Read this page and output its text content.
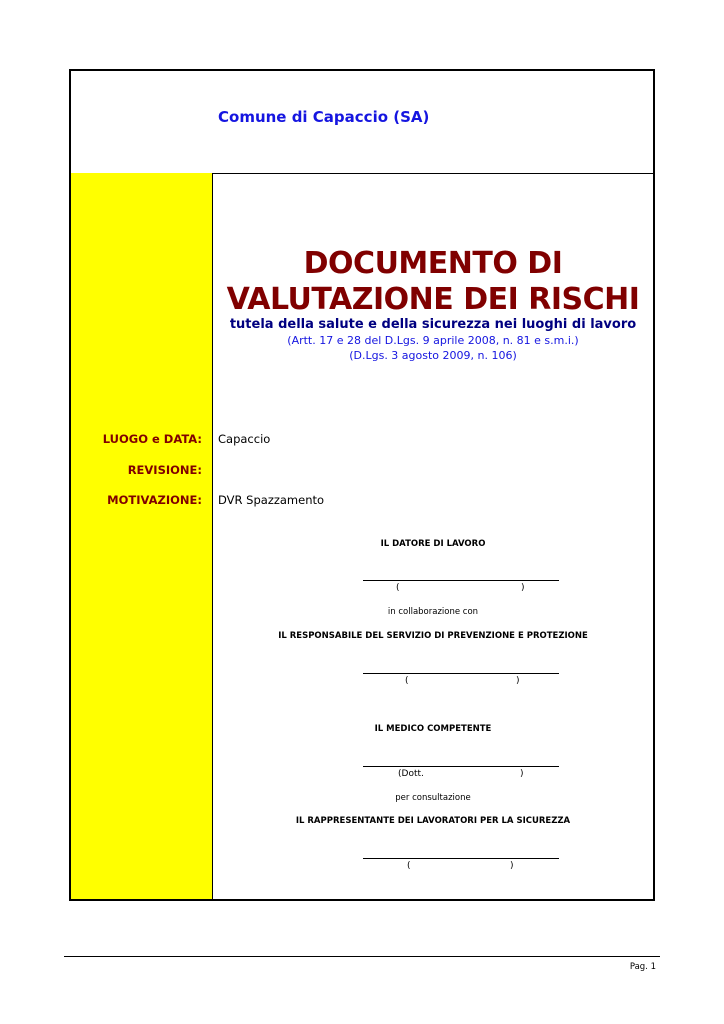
Comune di Capaccio (SA)
DOCUMENTO DI
VALUTAZIONE DEI RISCHI
tutela della salute e della sicurezza nei luoghi di lavoro
(Artt. 17 e 28 del D.Lgs. 9 aprile 2008, n. 81 e s.m.i.)
(D.Lgs. 3 agosto 2009, n. 106)
LUOGO e DATA: Capaccio
REVISIONE:
MOTIVAZIONE: DVR Spazzamento
IL DATORE DI LAVORO
(	)
in collaborazione con
IL RESPONSABILE DEL SERVIZIO DI PREVENZIONE E PROTEZIONE
(	)
IL MEDICO COMPETENTE
(Dott.	)
per consultazione
IL RAPPRESENTANTE DEI LAVORATORI PER LA SICUREZZA
(	)
Pag. 1
